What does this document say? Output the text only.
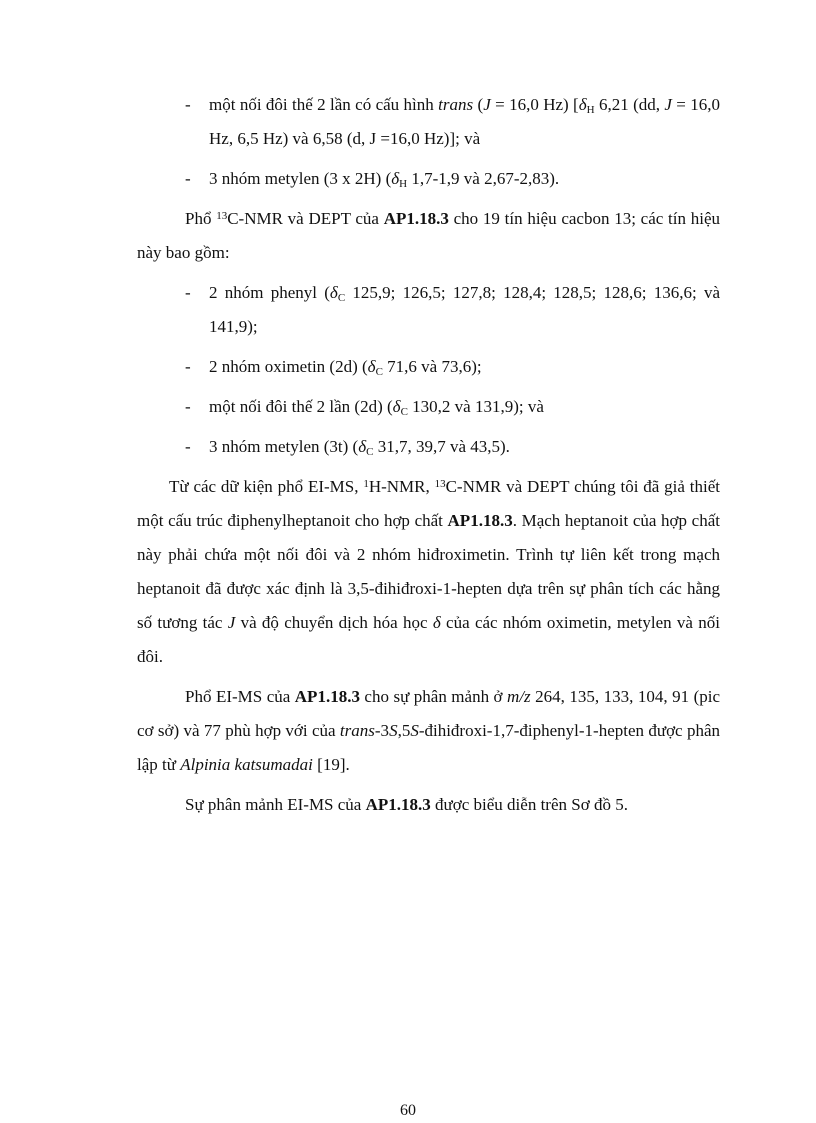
- một nối đôi thế 2 lần có cấu hình trans (J = 16,0 Hz) [$\delta_H$ 6,21 (dd, J = 16,0 Hz, 6,5 Hz) và 6,58 (d, J =16,0 Hz)]; và
- 3 nhóm metylen (3 x 2H) ($\delta_H$ 1,7-1,9 và 2,67-2,83).

Phổ $^{13}$C-NMR và DEPT của AP1.18.3 cho 19 tín hiệu cacbon 13; các tín hiệu này bao gồm:

- 2 nhóm phenyl ($\delta_C$ 125,9; 126,5; 127,8; 128,4; 128,5; 128,6; 136,6; và 141,9);
- 2 nhóm oximetin (2d) ($\delta_C$ 71,6 và 73,6);
- một nối đôi thế 2 lần (2d) ($\delta_C$ 130,2 và 131,9); và
- 3 nhóm metylen (3t) ($\delta_C$ 31,7, 39,7 và 43,5).

Từ các dữ kiện phổ EI-MS, $^1$H-NMR, $^{13}$C-NMR và DEPT chúng tôi đã giả thiết một cấu trúc điphenylheptanoit cho hợp chất AP1.18.3. Mạch heptanoit của hợp chất này phải chứa một nối đôi và 2 nhóm hiđroximetin. Trình tự liên kết trong mạch heptanoit đã được xác định là 3,5-đihiđroxi-1-hepten dựa trên sự phân tích các hằng số tương tác J và độ chuyển dịch hóa học δ của các nhóm oximetin, metylen và nối đôi.

Phổ EI-MS của AP1.18.3 cho sự phân mảnh ở m/z 264, 135, 133, 104, 91 (pic cơ sở) và 77 phù hợp với của trans-3S,5S-đihiđroxi-1,7-điphenyl-1-hepten được phân lập từ Alpinia katsumadai [19].

Sự phân mảnh EI-MS của AP1.18.3 được biểu diễn trên Sơ đồ 5.

60
